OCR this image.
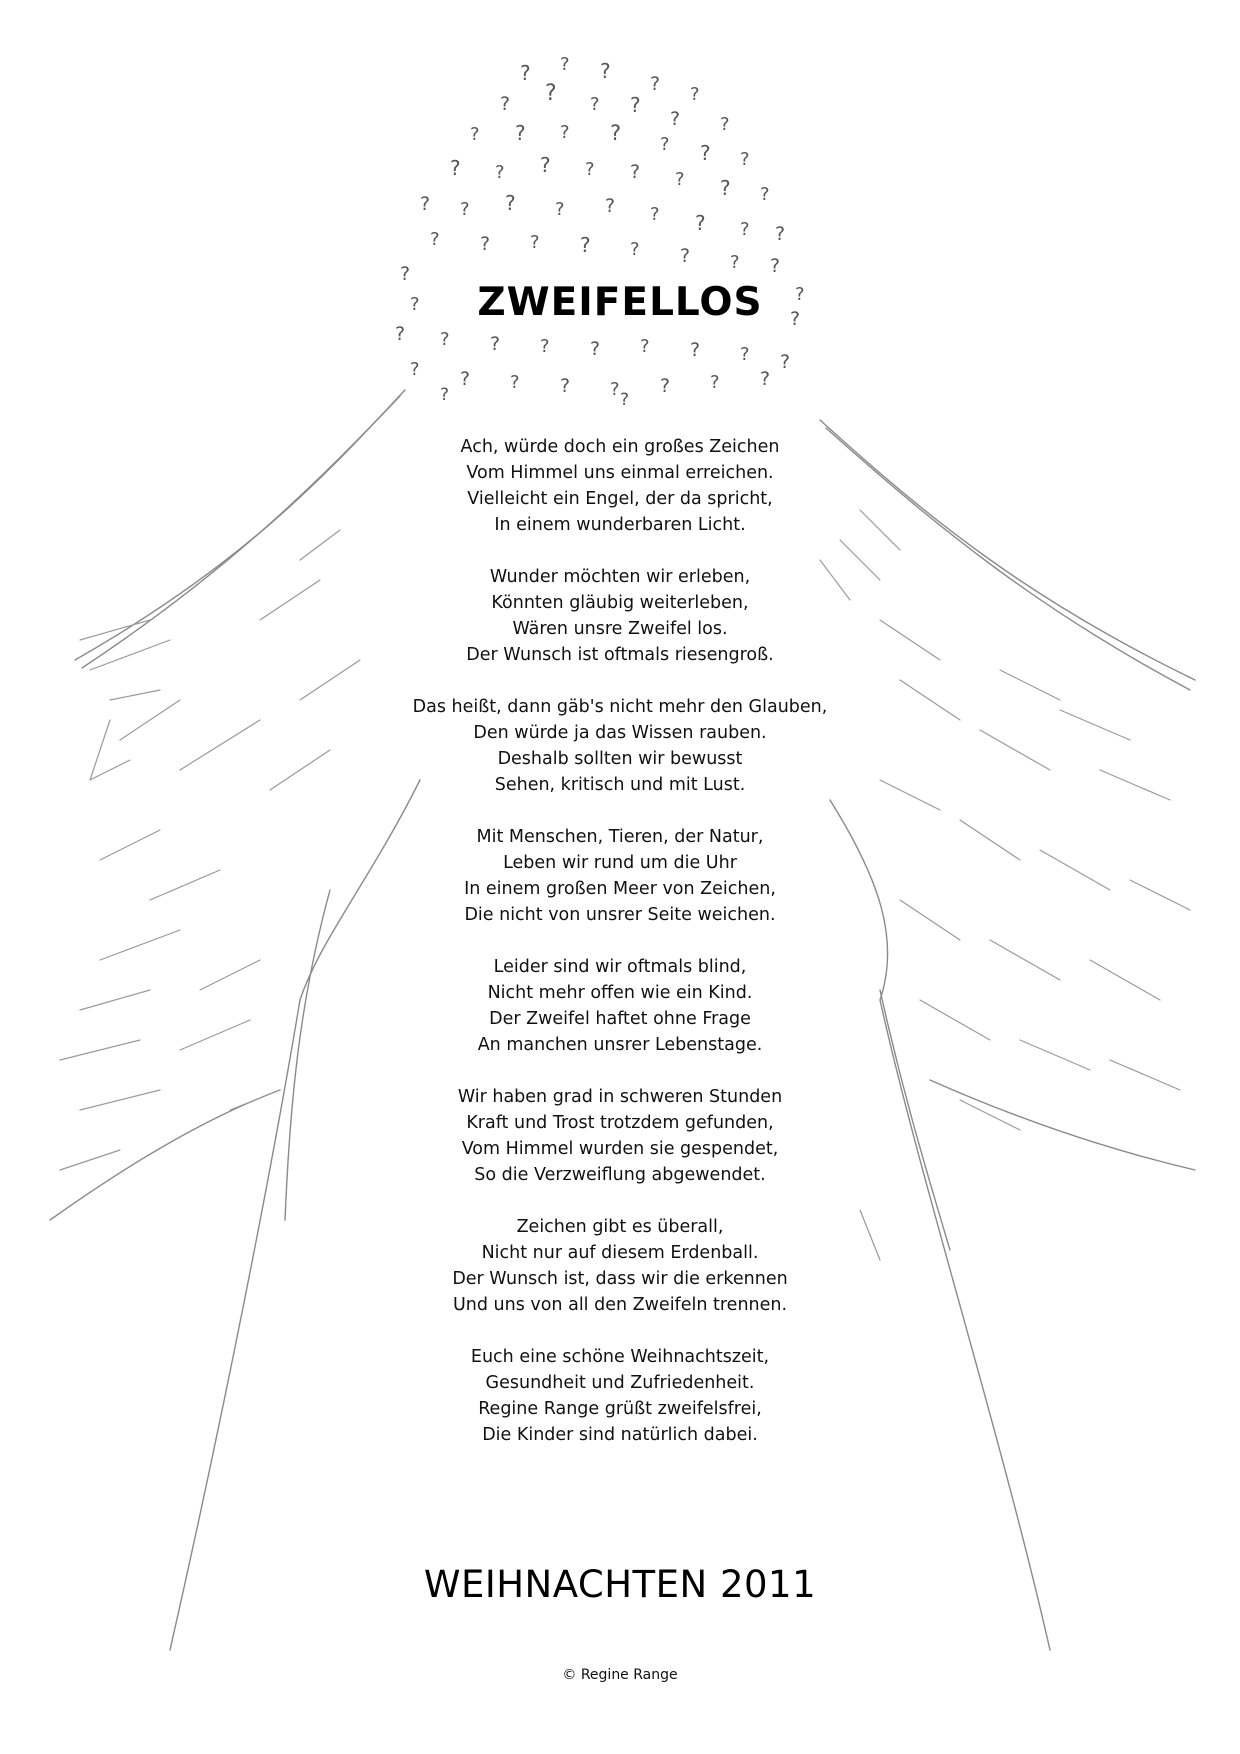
? ? ?
? ?
? ? ? ?
? ?
? ? ? ? ? ? ?
? ? ? ? ? ? ? ?
? ? ? ? ? ? ? ? ?
? ? ? ? ? ? ? ?
?
?
?
?
? ? ? ? ? ? ? ? ?
? ? ? ? ? ? ? ?
?	?
ZWEIFELLOS
Ach, würde doch ein großes Zeichen
Vom Himmel uns einmal erreichen.
Vielleicht ein Engel, der da spricht,
In einem wunderbaren Licht.
Wunder möchten wir erleben,
Könnten gläubig weiterleben,
Wären unsre Zweifel los.
Der Wunsch ist oftmals riesengroß.
Das heißt, dann gäb's nicht mehr den Glauben,
Den würde ja das Wissen rauben.
Deshalb sollten wir bewusst
Sehen, kritisch und mit Lust.
Mit Menschen, Tieren, der Natur,
Leben wir rund um die Uhr
In einem großen Meer von Zeichen,
Die nicht von unsrer Seite weichen.
Leider sind wir oftmals blind,
Nicht mehr offen wie ein Kind.
Der Zweifel haftet ohne Frage
An manchen unsrer Lebenstage.
Wir haben grad in schweren Stunden
Kraft und Trost trotzdem gefunden,
Vom Himmel wurden sie gespendet,
So die Verzweiflung abgewendet.
Zeichen gibt es überall,
Nicht nur auf diesem Erdenball.
Der Wunsch ist, dass wir die erkennen
Und uns von all den Zweifeln trennen.
Euch eine schöne Weihnachtszeit,
Gesundheit und Zufriedenheit.
Regine Range grüßt zweifelsfrei,
Die Kinder sind natürlich dabei.
WEIHNACHTEN 2011
© Regine Range
